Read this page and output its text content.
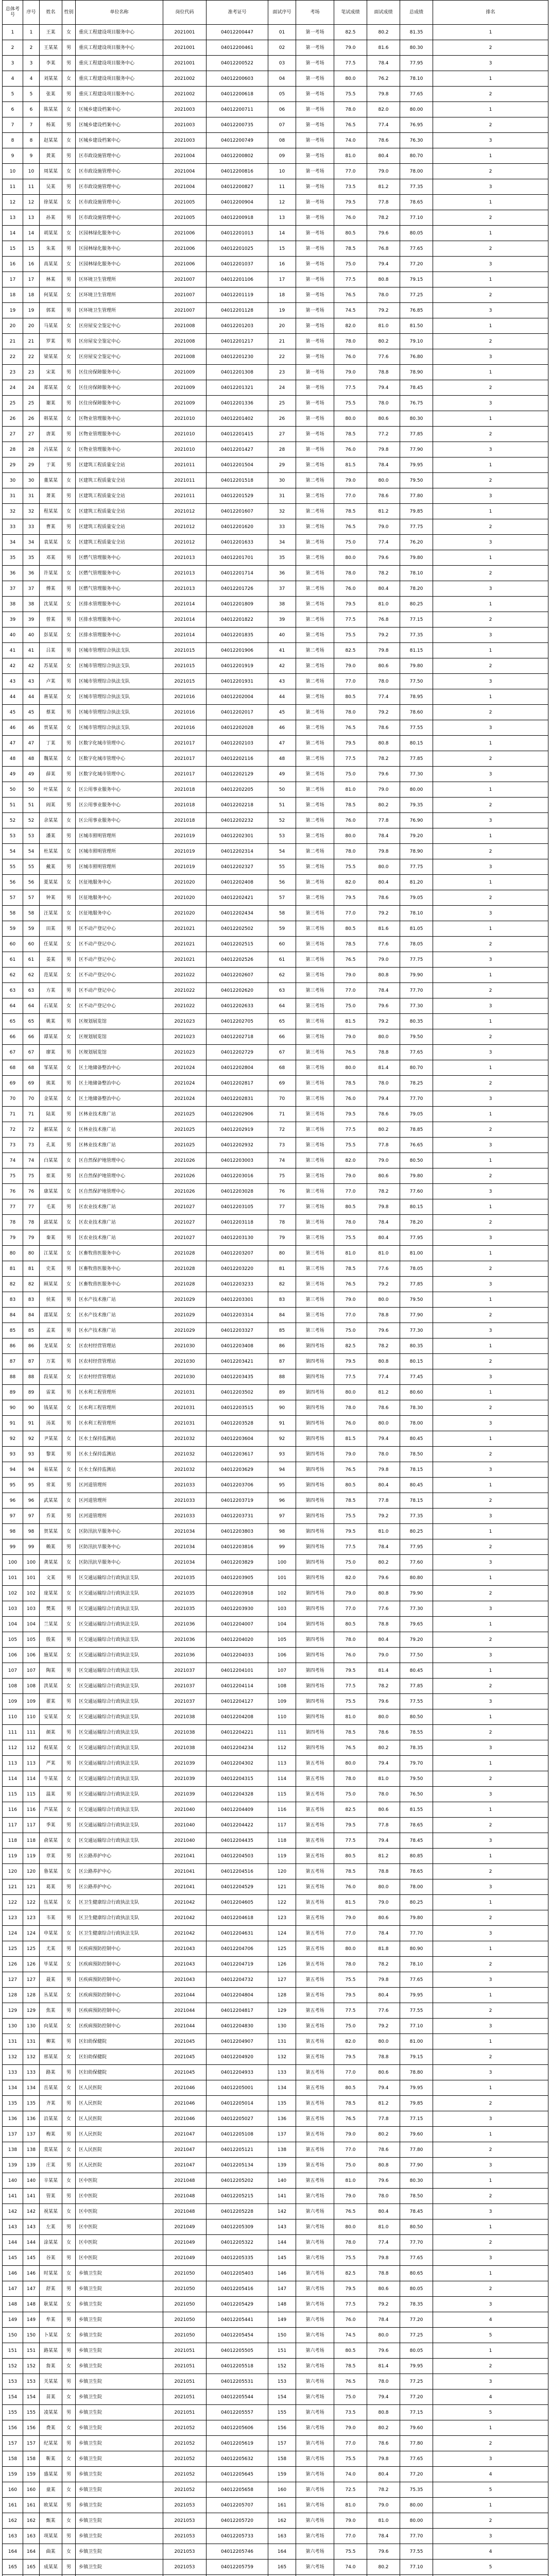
总体考号	序号	姓名	性别	单位名称	岗位代码	准考证号	面试序号	考场	笔试成绩	面试成绩	总成绩	排名
1	1	王某	女	重庆工程建设项目服务中心	2021001	04012200447	01	第一考场	82.5	80.2	81.35	1
2	2	王某某	男	重庆工程建设项目服务中心	2021001	04012200461	02	第一考场	79.0	81.6	80.30	2
3	3	李某	男	重庆工程建设项目服务中心	2021001	04012200522	03	第一考场	77.5	78.4	77.95	3
4	4	刘某某	女	重庆工程建设项目服务中心	2021002	04012200603	04	第一考场	80.0	76.2	78.10	1
5	5	张某	男	重庆工程建设项目服务中心	2021002	04012200618	05	第一考场	75.5	79.8	77.65	2
6	6	陈某某	女	区城乡建设档案中心	2021003	04012200711	06	第一考场	78.0	82.0	80.00	1
7	7	杨某	男	区城乡建设档案中心	2021003	04012200735	07	第一考场	76.5	77.4	76.95	2
8	8	赵某某	女	区城乡建设档案中心	2021003	04012200749	08	第一考场	74.0	78.6	76.30	3
9	9	黄某	男	区市政设施管理中心	2021004	04012200802	09	第一考场	81.0	80.4	80.70	1
10	10	周某某	女	区市政设施管理中心	2021004	04012200816	10	第一考场	77.0	79.0	78.00	2
11	11	吴某	男	区市政设施管理中心	2021004	04012200827	11	第一考场	73.5	81.2	77.35	3
12	12	徐某某	女	区市政设施管理中心	2021005	04012200904	12	第一考场	79.5	77.8	78.65	1
13	13	孙某	男	区市政设施管理中心	2021005	04012200918	13	第一考场	76.0	78.2	77.10	2
14	14	胡某某	女	区园林绿化服务中心	2021006	04012201013	14	第一考场	80.5	79.6	80.05	1
15	15	朱某	男	区园林绿化服务中心	2021006	04012201025	15	第一考场	78.5	76.8	77.65	2
16	16	高某某	女	区园林绿化服务中心	2021006	04012201037	16	第一考场	75.0	79.4	77.20	3
17	17	林某	男	区环境卫生管理所	2021007	04012201106	17	第一考场	77.5	80.8	79.15	1
18	18	何某某	女	区环境卫生管理所	2021007	04012201119	18	第一考场	76.5	78.0	77.25	2
19	19	郭某	男	区环境卫生管理所	2021007	04012201128	19	第一考场	74.5	79.2	76.85	3
20	20	马某某	女	区房屋安全鉴定中心	2021008	04012201203	20	第一考场	82.0	81.0	81.50	1
21	21	罗某	男	区房屋安全鉴定中心	2021008	04012201217	21	第一考场	78.0	80.2	79.10	2
22	22	梁某某	女	区房屋安全鉴定中心	2021008	04012201230	22	第一考场	76.0	77.6	76.80	3
23	23	宋某	男	区住房保障服务中心	2021009	04012201308	23	第一考场	79.0	78.8	78.90	1
24	24	郑某某	女	区住房保障服务中心	2021009	04012201321	24	第一考场	77.5	79.4	78.45	2
25	25	谢某	男	区住房保障服务中心	2021009	04012201336	25	第一考场	75.5	78.0	76.75	3
26	26	韩某某	女	区物业管理服务中心	2021010	04012201402	26	第一考场	80.0	80.6	80.30	1
27	27	唐某	男	区物业管理服务中心	2021010	04012201415	27	第一考场	78.5	77.2	77.85	2
28	28	冯某某	女	区物业管理服务中心	2021010	04012201427	28	第一考场	76.0	79.8	77.90	3
29	29	于某	男	区建筑工程质量安全站	2021011	04012201504	29	第二考场	81.5	78.4	79.95	1
30	30	董某某	女	区建筑工程质量安全站	2021011	04012201518	30	第二考场	79.0	80.0	79.50	2
31	31	萧某	男	区建筑工程质量安全站	2021011	04012201529	31	第二考场	77.0	78.6	77.80	3
32	32	程某某	女	区建筑工程质量安全站	2021012	04012201607	32	第二考场	78.5	81.2	79.85	1
33	33	曹某	男	区建筑工程质量安全站	2021012	04012201620	33	第二考场	76.5	79.0	77.75	2
34	34	袁某某	女	区建筑工程质量安全站	2021012	04012201633	34	第二考场	75.0	77.4	76.20	3
35	35	邓某	男	区燃气管理服务中心	2021013	04012201701	35	第二考场	80.0	79.6	79.80	1
36	36	许某某	女	区燃气管理服务中心	2021013	04012201714	36	第二考场	78.0	78.2	78.10	2
37	37	傅某	男	区燃气管理服务中心	2021013	04012201726	37	第二考场	76.0	80.4	78.20	3
38	38	沈某某	女	区排水管理服务中心	2021014	04012201809	38	第二考场	79.5	81.0	80.25	1
39	39	曾某	男	区排水管理服务中心	2021014	04012201822	39	第二考场	77.5	76.8	77.15	2
40	40	彭某某	女	区排水管理服务中心	2021014	04012201835	40	第二考场	75.5	79.2	77.35	3
41	41	吕某	男	区城市管理综合执法支队	2021015	04012201906	41	第二考场	82.5	79.8	81.15	1
42	42	苏某某	女	区城市管理综合执法支队	2021015	04012201919	42	第二考场	79.0	80.6	79.80	2
43	43	卢某	男	区城市管理综合执法支队	2021015	04012201931	43	第二考场	77.0	78.0	77.50	3
44	44	蒋某某	女	区城市管理综合执法支队	2021016	04012202004	44	第二考场	80.5	77.4	78.95	1
45	45	蔡某	男	区城市管理综合执法支队	2021016	04012202017	45	第二考场	78.0	79.2	78.60	2
46	46	贾某某	女	区城市管理综合执法支队	2021016	04012202028	46	第二考场	76.5	78.6	77.55	3
47	47	丁某	男	区数字化城市管理中心	2021017	04012202103	47	第二考场	79.5	80.8	80.15	1
48	48	魏某某	女	区数字化城市管理中心	2021017	04012202116	48	第二考场	77.5	78.2	77.85	2
49	49	薛某	男	区数字化城市管理中心	2021017	04012202129	49	第二考场	75.0	79.6	77.30	3
50	50	叶某某	女	区公用事业服务中心	2021018	04012202205	50	第二考场	81.0	79.0	80.00	1
51	51	阎某	男	区公用事业服务中心	2021018	04012202218	51	第二考场	78.5	80.2	79.35	2
52	52	余某某	女	区公用事业服务中心	2021018	04012202232	52	第二考场	76.0	77.8	76.90	3
53	53	潘某	男	区城市照明管理所	2021019	04012202301	53	第二考场	80.0	78.4	79.20	1
54	54	杜某某	女	区城市照明管理所	2021019	04012202314	54	第二考场	78.0	79.8	78.90	2
55	55	戴某	男	区城市照明管理所	2021019	04012202327	55	第二考场	75.5	80.0	77.75	3
56	56	夏某某	女	区征地服务中心	2021020	04012202408	56	第二考场	82.0	80.4	81.20	1
57	57	钟某	男	区征地服务中心	2021020	04012202421	57	第二考场	79.5	78.6	79.05	2
58	58	汪某某	女	区征地服务中心	2021020	04012202434	58	第三考场	77.0	79.2	78.10	3
59	59	田某	男	区不动产登记中心	2021021	04012202502	59	第三考场	80.5	81.6	81.05	1
60	60	任某某	女	区不动产登记中心	2021021	04012202515	60	第三考场	78.5	77.6	78.05	2
61	61	姜某	男	区不动产登记中心	2021021	04012202526	61	第三考场	76.5	79.0	77.75	3
62	62	范某某	女	区不动产登记中心	2021022	04012202607	62	第三考场	79.0	80.8	79.90	1
63	63	方某	男	区不动产登记中心	2021022	04012202620	63	第三考场	77.0	78.4	77.70	2
64	64	石某某	女	区不动产登记中心	2021022	04012202633	64	第三考场	75.0	79.6	77.30	3
65	65	姚某	男	区规划展览馆	2021023	04012202705	65	第三考场	81.5	79.2	80.35	1
66	66	谭某某	女	区规划展览馆	2021023	04012202718	66	第三考场	79.0	80.0	79.50	2
67	67	廖某	男	区规划展览馆	2021023	04012202729	67	第三考场	76.5	78.8	77.65	3
68	68	邹某某	女	区土地储备整治中心	2021024	04012202804	68	第三考场	80.0	81.4	80.70	1
69	69	熊某	男	区土地储备整治中心	2021024	04012202817	69	第三考场	78.5	78.0	78.25	2
70	70	金某某	女	区土地储备整治中心	2021024	04012202831	70	第三考场	76.0	79.4	77.70	3
71	71	陆某	男	区林业技术推广站	2021025	04012202906	71	第三考场	79.5	78.6	79.05	1
72	72	郝某某	女	区林业技术推广站	2021025	04012202919	72	第三考场	77.5	80.2	78.85	2
73	73	孔某	男	区林业技术推广站	2021025	04012202932	73	第三考场	75.5	77.8	76.65	3
74	74	白某某	女	区自然保护地管理中心	2021026	04012203003	74	第三考场	82.0	79.0	80.50	1
75	75	崔某	男	区自然保护地管理中心	2021026	04012203016	75	第三考场	79.0	80.6	79.80	2
76	76	康某某	女	区自然保护地管理中心	2021026	04012203028	76	第三考场	77.0	78.2	77.60	3
77	77	毛某	男	区农业技术推广站	2021027	04012203105	77	第三考场	80.5	79.8	80.15	1
78	78	邱某某	女	区农业技术推广站	2021027	04012203118	78	第三考场	78.0	78.4	78.20	2
79	79	秦某	男	区农业技术推广站	2021027	04012203130	79	第三考场	75.5	80.4	77.95	3
80	80	江某某	女	区畜牧兽医服务中心	2021028	04012203207	80	第三考场	81.0	81.0	81.00	1
81	81	史某	男	区畜牧兽医服务中心	2021028	04012203220	81	第三考场	78.5	77.6	78.05	2
82	82	顾某某	女	区畜牧兽医服务中心	2021028	04012203233	82	第三考场	76.5	79.2	77.85	3
83	83	侯某	男	区水产技术推广站	2021029	04012203301	83	第三考场	79.0	80.0	79.50	1
84	84	邵某某	女	区水产技术推广站	2021029	04012203314	84	第三考场	77.0	78.8	77.90	2
85	85	孟某	男	区水产技术推广站	2021029	04012203327	85	第三考场	75.0	79.6	77.30	3
86	86	龙某某	女	区农村经营管理站	2021030	04012203408	86	第四考场	82.5	78.2	80.35	1
87	87	万某	男	区农村经营管理站	2021030	04012203421	87	第四考场	79.5	80.8	80.15	2
88	88	段某某	女	区农村经营管理站	2021030	04012203435	88	第四考场	77.5	77.4	77.45	3
89	89	雷某	男	区水利工程管理所	2021031	04012203502	89	第四考场	80.0	81.2	80.60	1
90	90	钱某某	女	区水利工程管理所	2021031	04012203515	90	第四考场	78.0	78.6	78.30	2
91	91	汤某	男	区水利工程管理所	2021031	04012203528	91	第四考场	76.0	80.0	78.00	3
92	92	尹某某	女	区水土保持监测站	2021032	04012203604	92	第四考场	81.5	79.4	80.45	1
93	93	黎某	男	区水土保持监测站	2021032	04012203617	93	第四考场	79.0	78.0	78.50	2
94	94	易某某	女	区水土保持监测站	2021032	04012203629	94	第四考场	76.5	79.8	78.15	3
95	95	常某	男	区河道管理所	2021033	04012203706	95	第四考场	80.5	80.4	80.45	1
96	96	武某某	女	区河道管理所	2021033	04012203719	96	第四考场	78.5	77.8	78.15	2
97	97	乔某	男	区河道管理所	2021033	04012203731	97	第四考场	75.5	79.2	77.35	3
98	98	贺某某	女	区防汛抗旱服务中心	2021034	04012203803	98	第四考场	79.5	81.0	80.25	1
99	99	赖某	男	区防汛抗旱服务中心	2021034	04012203816	99	第四考场	77.5	78.4	77.95	2
100	100	龚某某	女	区防汛抗旱服务中心	2021034	04012203829	100	第四考场	75.0	80.2	77.60	3
101	101	文某	男	区交通运输综合行政执法支队	2021035	04012203905	101	第四考场	82.0	79.6	80.80	1
102	102	庞某某	女	区交通运输综合行政执法支队	2021035	04012203918	102	第四考场	79.0	80.8	79.90	2
103	103	樊某	男	区交通运输综合行政执法支队	2021035	04012203930	103	第四考场	77.0	77.6	77.30	3
104	104	兰某某	女	区交通运输综合行政执法支队	2021036	04012204007	104	第四考场	80.5	78.8	79.65	1
105	105	殷某	男	区交通运输综合行政执法支队	2021036	04012204020	105	第四考场	78.0	80.4	79.20	2
106	106	施某某	女	区交通运输综合行政执法支队	2021036	04012204033	106	第四考场	76.0	79.0	77.50	3
107	107	陶某	男	区交通运输综合行政执法支队	2021037	04012204101	107	第四考场	79.5	81.4	80.45	1
108	108	洪某某	女	区交通运输综合行政执法支队	2021037	04012204114	108	第四考场	77.5	78.2	77.85	2
109	109	翟某	男	区交通运输综合行政执法支队	2021037	04012204127	109	第四考场	75.5	79.6	77.55	3
110	110	安某某	女	区交通运输综合行政执法支队	2021038	04012204208	110	第四考场	81.0	80.0	80.50	1
111	111	颜某	男	区交通运输综合行政执法支队	2021038	04012204221	111	第四考场	78.5	78.6	78.55	2
112	112	倪某某	女	区交通运输综合行政执法支队	2021038	04012204234	112	第四考场	76.5	80.2	78.35	3
113	113	严某	男	区交通运输综合行政执法支队	2021039	04012204302	113	第五考场	80.0	79.4	79.70	1
114	114	牛某某	女	区交通运输综合行政执法支队	2021039	04012204315	114	第五考场	78.0	81.0	79.50	2
115	115	温某	男	区交通运输综合行政执法支队	2021039	04012204328	115	第五考场	75.0	78.0	76.50	3
116	116	芦某某	女	区交通运输综合行政执法支队	2021040	04012204409	116	第五考场	82.5	80.6	81.55	1
117	117	季某	男	区交通运输综合行政执法支队	2021040	04012204422	117	第五考场	79.5	77.8	78.65	2
118	118	俞某某	女	区交通运输综合行政执法支队	2021040	04012204435	118	第五考场	77.5	79.4	78.45	3
119	119	章某	男	区公路养护中心	2021041	04012204503	119	第五考场	80.5	81.2	80.85	1
120	120	鲁某某	女	区公路养护中心	2021041	04012204516	120	第五考场	78.5	78.8	78.65	2
121	121	葛某	男	区公路养护中心	2021041	04012204529	121	第五考场	76.0	80.0	78.00	3
122	122	伍某某	女	区卫生健康综合行政执法支队	2021042	04012204605	122	第五考场	81.5	79.0	80.25	1
123	123	韦某	男	区卫生健康综合行政执法支队	2021042	04012204618	123	第五考场	79.0	80.6	79.80	2
124	124	申某某	女	区卫生健康综合行政执法支队	2021042	04012204631	124	第五考场	77.0	78.4	77.70	3
125	125	尤某	男	区疾病预防控制中心	2021043	04012204706	125	第五考场	80.0	81.8	80.90	1
126	126	毕某某	女	区疾病预防控制中心	2021043	04012204719	126	第五考场	78.0	78.2	78.10	2
127	127	聂某	男	区疾病预防控制中心	2021043	04012204732	127	第五考场	75.5	79.8	77.65	3
128	128	丛某某	女	区疾病预防控制中心	2021044	04012204804	128	第五考场	79.5	80.4	79.95	1
129	129	焦某	男	区疾病预防控制中心	2021044	04012204817	129	第五考场	77.5	77.6	77.55	2
130	130	向某某	女	区疾病预防控制中心	2021044	04012204830	130	第五考场	75.0	79.2	77.10	3
131	131	柳某	男	区妇幼保健院	2021045	04012204907	131	第五考场	82.0	80.0	81.00	1
132	132	邢某某	女	区妇幼保健院	2021045	04012204920	132	第五考场	79.5	78.8	79.15	2
133	133	路某	男	区妇幼保健院	2021045	04012204933	133	第五考场	77.0	80.6	78.80	3
134	134	岳某某	女	区人民医院	2021046	04012205001	134	第五考场	80.5	79.4	79.95	1
135	135	齐某	男	区人民医院	2021046	04012205014	135	第五考场	78.5	81.2	79.85	2
136	136	沿某某	女	区人民医院	2021046	04012205027	136	第五考场	76.5	77.8	77.15	3
137	137	梅某	男	区人民医院	2021047	04012205108	137	第五考场	79.0	80.2	79.60	1
138	138	莫某某	女	区人民医院	2021047	04012205121	138	第五考场	77.0	78.6	77.80	2
139	139	庄某	男	区人民医院	2021047	04012205134	139	第五考场	75.0	80.8	77.90	3
140	140	辛某某	女	区中医院	2021048	04012205202	140	第五考场	81.0	79.6	80.30	1
141	141	管某	男	区中医院	2021048	04012205215	141	第六考场	79.0	78.0	78.50	2
142	142	祝某某	女	区中医院	2021048	04012205228	142	第六考场	76.5	80.4	78.45	3
143	143	左某	男	区中医院	2021049	04012205309	143	第六考场	80.0	81.0	80.50	1
144	144	涂某某	女	区中医院	2021049	04012205322	144	第六考场	78.0	77.4	77.70	2
145	145	谷某	男	区中医院	2021049	04012205335	145	第六考场	75.5	79.8	77.65	3
146	146	时某某	女	乡镇卫生院	2021050	04012205403	146	第六考场	82.5	78.8	80.65	1
147	147	舒某	男	乡镇卫生院	2021050	04012205416	147	第六考场	79.5	80.6	80.05	2
148	148	耿某某	女	乡镇卫生院	2021050	04012205429	148	第六考场	77.5	79.2	78.35	3
149	149	牟某	男	乡镇卫生院	2021050	04012205441	149	第六考场	76.0	78.4	77.20	4
150	150	卜某某	女	乡镇卫生院	2021050	04012205454	150	第六考场	74.5	80.0	77.25	5
151	151	路某某	男	乡镇卫生院	2021051	04012205505	151	第六考场	80.5	79.6	80.05	1
152	152	詹某	女	乡镇卫生院	2021051	04012205518	152	第六考场	78.5	81.4	79.95	2
153	153	关某某	男	乡镇卫生院	2021051	04012205531	153	第六考场	76.5	78.0	77.25	3
154	154	苗某	女	乡镇卫生院	2021051	04012205544	154	第六考场	75.0	79.4	77.20	4
155	155	凌某某	男	乡镇卫生院	2021051	04012205557	155	第六考场	73.5	80.8	77.15	5
156	156	费某	女	乡镇卫生院	2021052	04012205606	156	第六考场	79.0	80.2	79.60	1
157	157	纪某某	男	乡镇卫生院	2021052	04012205619	157	第六考场	77.0	78.6	77.80	2
158	158	靳某	女	乡镇卫生院	2021052	04012205632	158	第六考场	75.5	79.8	77.65	3
159	159	盛某某	男	乡镇卫生院	2021052	04012205645	159	第六考场	74.0	80.4	77.20	4
160	160	童某	女	乡镇卫生院	2021052	04012205658	160	第六考场	72.5	78.2	75.35	5
161	161	欧某某	男	乡镇卫生院	2021053	04012205707	161	第六考场	81.0	79.0	80.00	1
162	162	甄某	女	乡镇卫生院	2021053	04012205720	162	第六考场	79.0	81.0	80.00	2
163	163	项某某	男	乡镇卫生院	2021053	04012205733	163	第六考场	77.0	78.4	77.70	3
164	164	曲某	女	乡镇卫生院	2021053	04012205746	164	第六考场	75.5	79.6	77.55	4
165	165	成某某	男	乡镇卫生院	2021053	04012205759	165	第六考场	74.0	80.2	77.10	5
